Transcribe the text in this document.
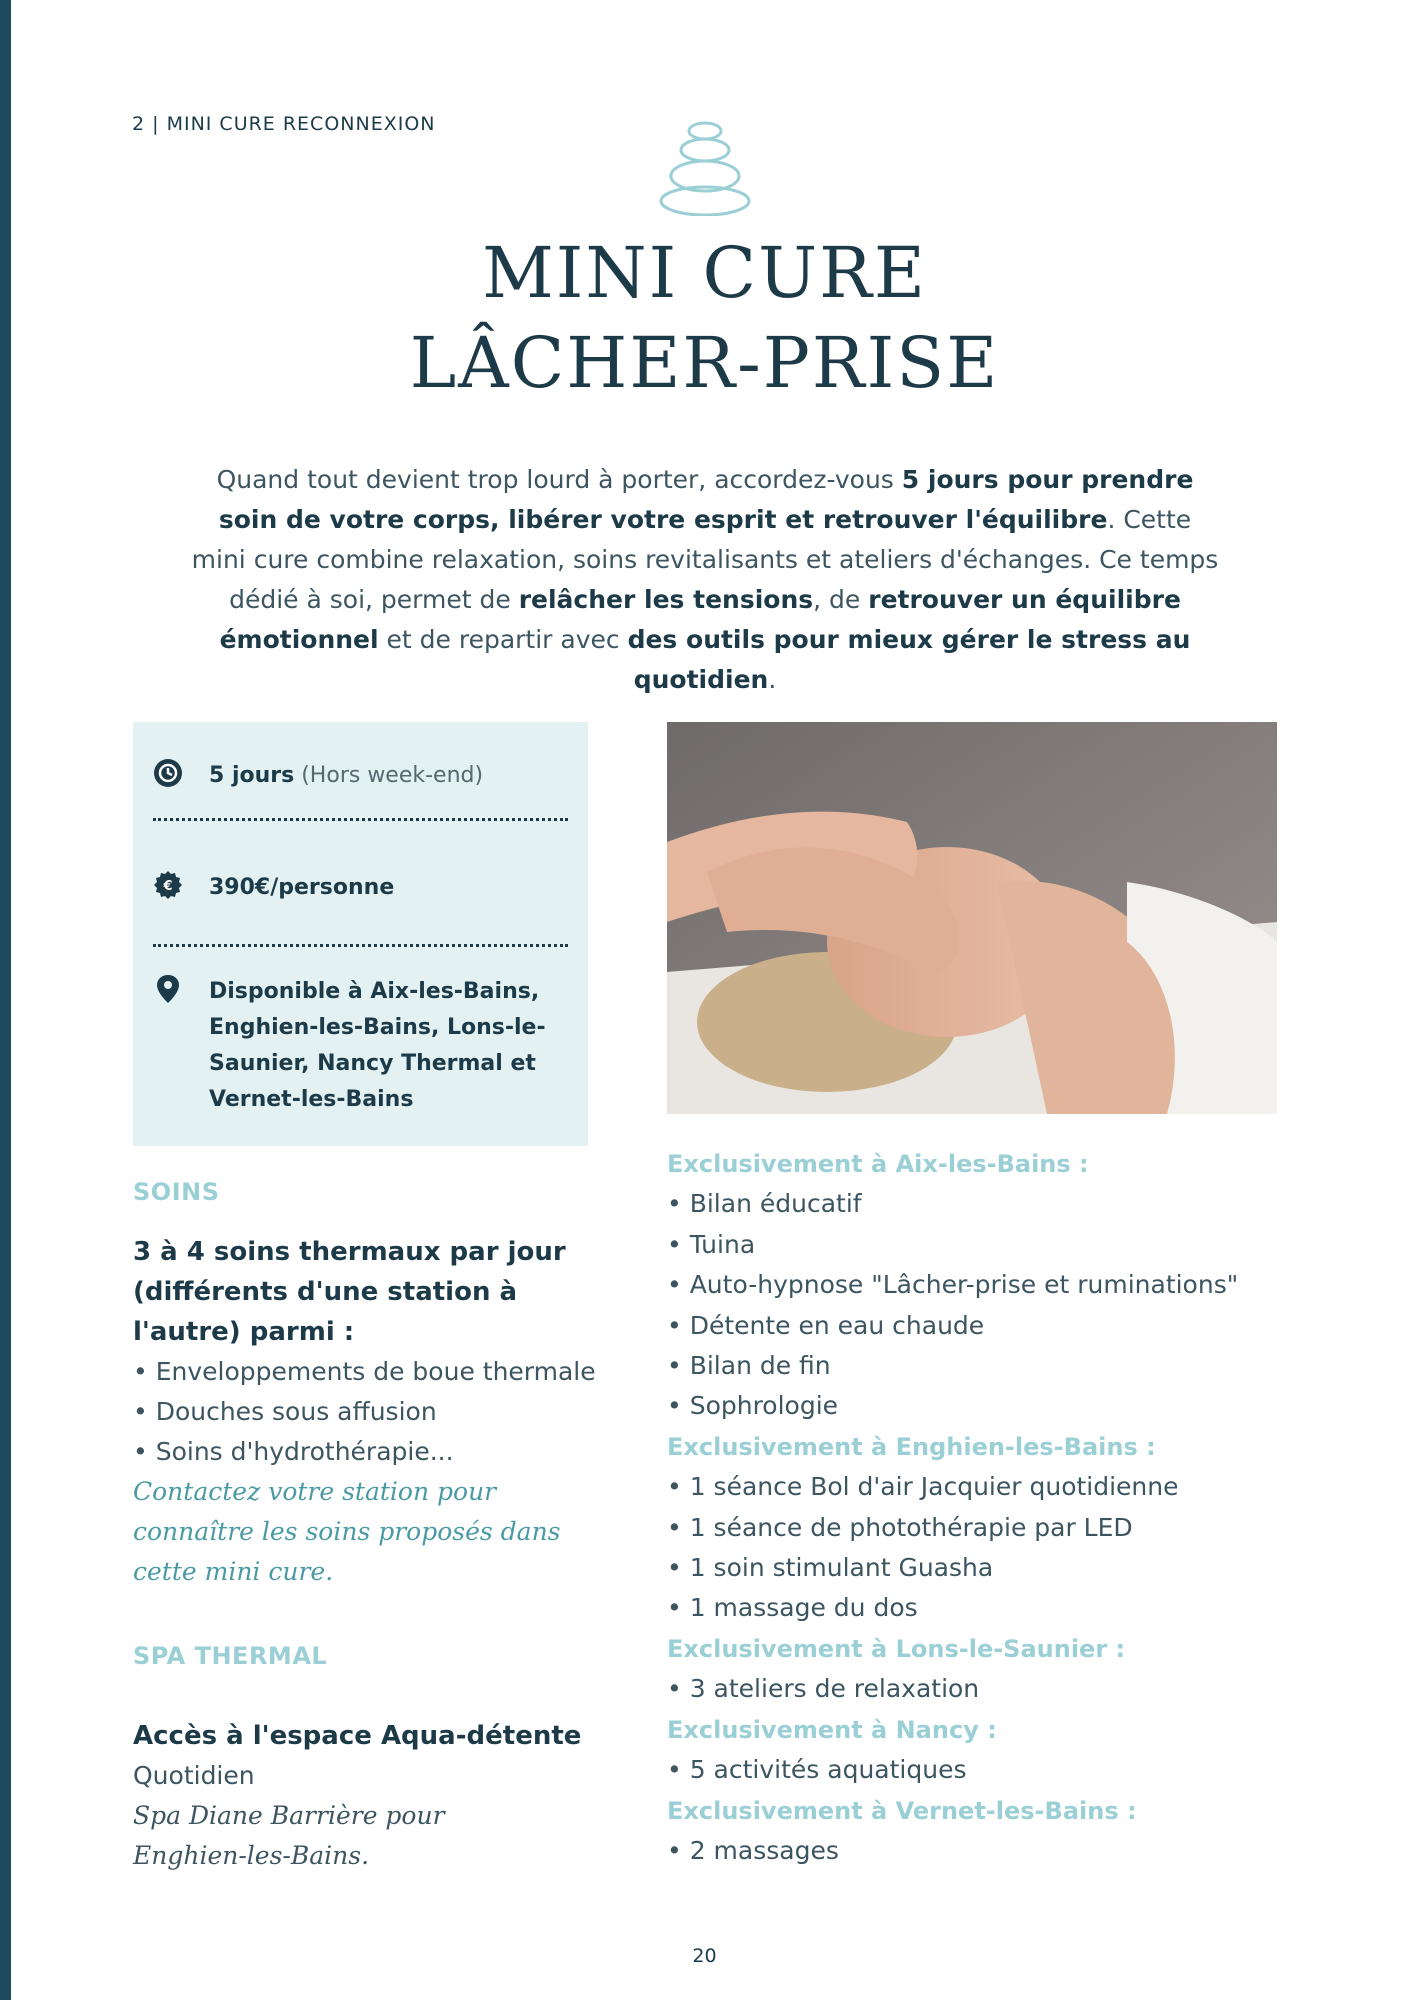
2 | MINI CURE RECONNEXION
MINI CURE
LÂCHER-PRISE
Quand tout devient trop lourd à porter, accordez-vous 5 jours pour prendre soin de votre corps, libérer votre esprit et retrouver l'équilibre. Cette mini cure combine relaxation, soins revitalisants et ateliers d'échanges. Ce temps dédié à soi, permet de relâcher les tensions, de retrouver un équilibre émotionnel et de repartir avec des outils pour mieux gérer le stress au quotidien.
5 jours (Hors week-end)
€ 390€/personne
Disponible à Aix-les-Bains, Enghien-les-Bains, Lons-le-Saunier, Nancy Thermal et Vernet-les-Bains
SOINS
3 à 4 soins thermaux par jour (différents d'une station à l'autre) parmi :
• Enveloppements de boue thermale
• Douches sous affusion
• Soins d'hydrothérapie...
Contactez votre station pour connaître les soins proposés dans cette mini cure.
SPA THERMAL
Accès à l'espace Aqua-détente
Quotidien
Spa Diane Barrière pour Enghien-les-Bains.
Exclusivement à Aix-les-Bains :
• Bilan éducatif
• Tuina
• Auto-hypnose "Lâcher-prise et ruminations"
• Détente en eau chaude
• Bilan de fin
• Sophrologie
Exclusivement à Enghien-les-Bains :
• 1 séance Bol d'air Jacquier quotidienne
• 1 séance de photothérapie par LED
• 1 soin stimulant Guasha
• 1 massage du dos
Exclusivement à Lons-le-Saunier :
• 3 ateliers de relaxation
Exclusivement à Nancy :
• 5 activités aquatiques
Exclusivement à Vernet-les-Bains :
• 2 massages
20
